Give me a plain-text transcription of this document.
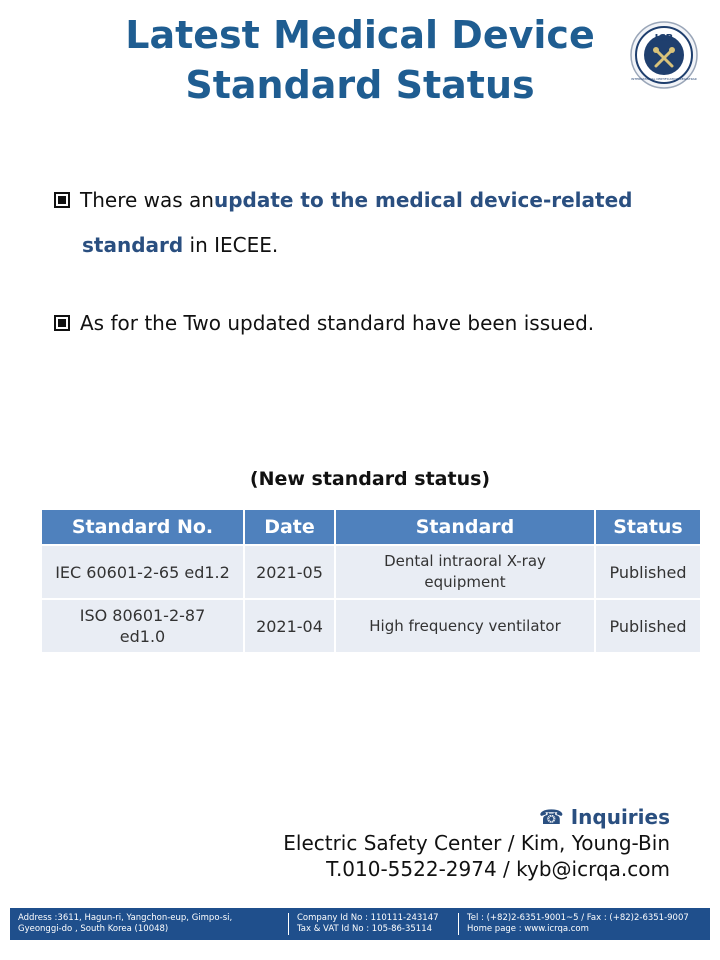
Latest Medical Device
Standard Status
ICR
INTERNATIONAL CERTIFICATION REGISTRAR
There was an update to the medical device-related
standard in IECEE.
As for the Two updated standard have been issued.
(New standard status)
Standard No.	Date	Standard	Status
IEC 60601-2-65 ed1.2	2021-05	Dental intraoral X-ray equipment	Published
ISO 80601-2-87 ed1.0	2021-04	High frequency ventilator	Published
☎ Inquiries
Electric Safety Center / Kim, Young-Bin
T.010-5522-2974 / kyb@icrqa.com
Address :3611, Hagun-ri, Yangchon-eup, Gimpo-si,
Gyeonggi-do , South Korea (10048)
Company Id No : 110111-243147
Tax & VAT Id No : 105-86-35114
Tel : (+82)2-6351-9001~5 / Fax : (+82)2-6351-9007
Home page : www.icrqa.com
